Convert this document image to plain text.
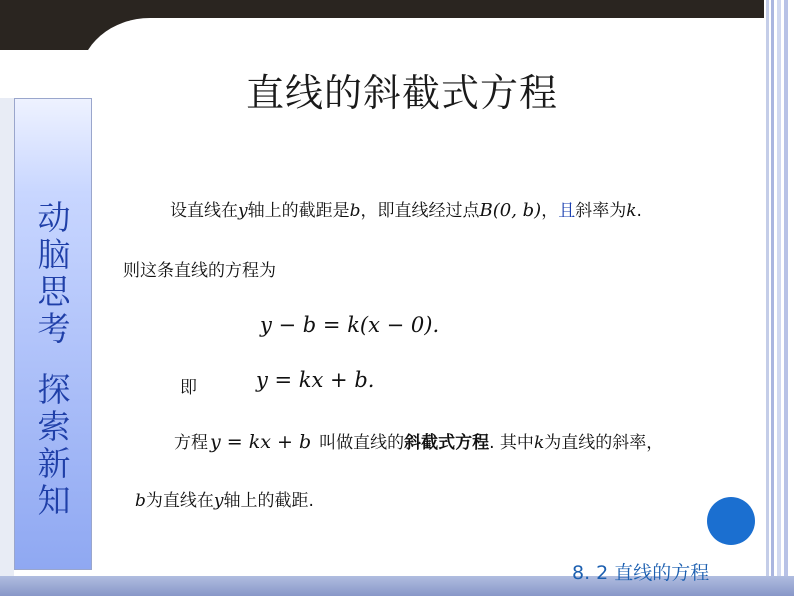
直线的斜截式方程
动
脑
思
考
探
索
新
知
设直线在y轴上的截距是b，即直线经过点B(0, b)，且斜率为k.
则这条直线的方程为
y − b = k(x − 0).
即	y = kx + b.
方程 y = kx + b 叫做直线的斜截式方程. 其中k为直线的斜率，
b为直线在y轴上的截距.
8. 2 直线的方程
